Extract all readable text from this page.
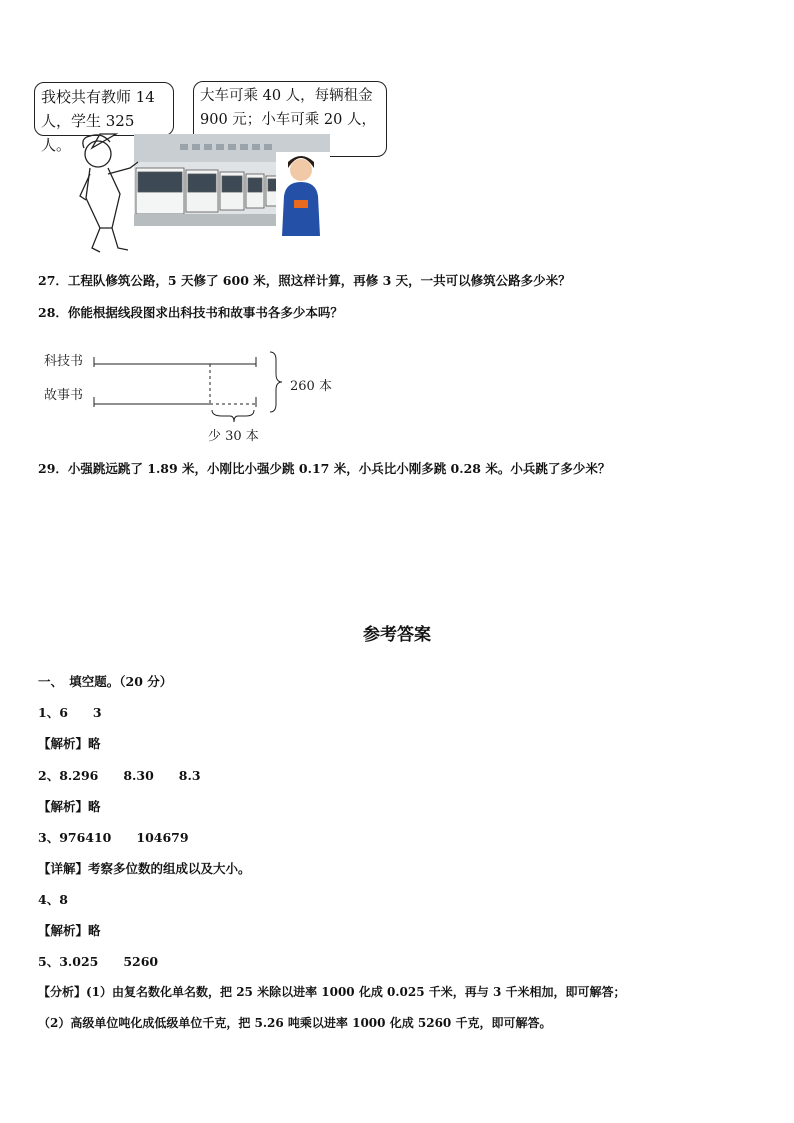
我校共有教师 14
人，学生 325 人。
大车可乘 40 人，每辆租金
900 元；小车可乘 20 人，
27．工程队修筑公路，5 天修了 600 米，照这样计算，再修 3 天，一共可以修筑公路多少米？
28．你能根据线段图求出科技书和故事书各多少本吗？
科技书
故事书
260 本
少 30 本
29．小强跳远跳了 1.89 米，小刚比小强少跳 0.17 米，小兵比小刚多跳 0.28 米。小兵跳了多少米？
参考答案
一、　填空题。（20 分）
1、6　　3
【解析】略
2、8.296　　8.30　　8.3
【解析】略
3、976410　　104679
【详解】考察多位数的组成以及大小。
4、8
【解析】略
5、3.025　　5260
【分析】(1）由复名数化单名数，把 25 米除以进率 1000 化成 0.025 千米，再与 3 千米相加，即可解答；
（2）高级单位吨化成低级单位千克，把 5.26 吨乘以进率 1000 化成 5260 千克，即可解答。
